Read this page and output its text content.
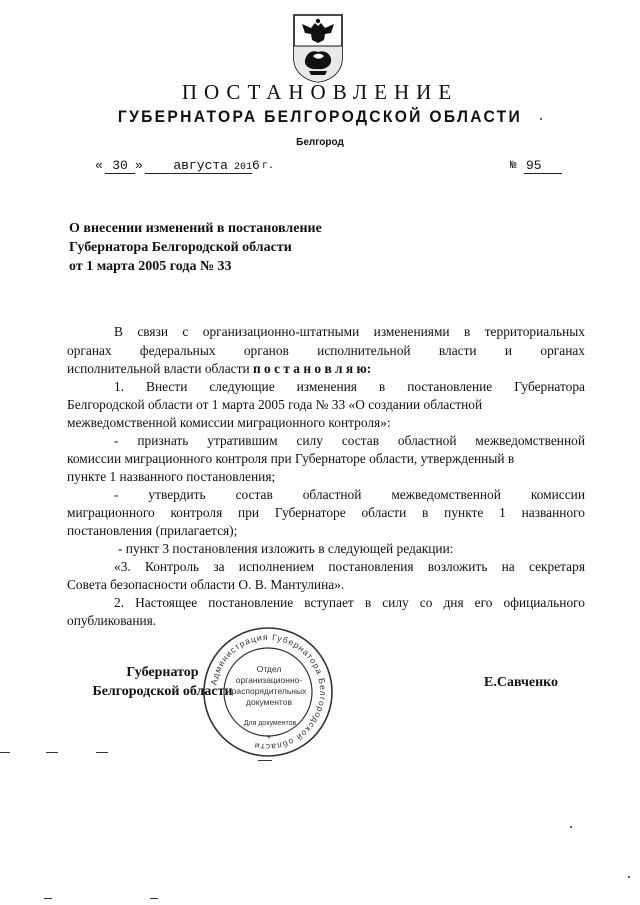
ПОСТАНОВЛЕНИЕ
ГУБЕРНАТОРА БЕЛГОРОДСКОЙ ОБЛАСТИ
Белгород
« 30 »	августа 201 6 г.	№ 95
О внесении изменений в постановление
Губернатора Белгородской области
от 1 марта 2005 года № 33
В связи с организационно-штатными изменениями в территориальных
органах федеральных органов исполнительной власти и органах
исполнительной власти области п о с т а н о в л я ю:
1. Внести следующие изменения в постановление Губернатора
Белгородской области от 1 марта 2005 года № 33 «О создании областной
межведомственной комиссии миграционного контроля»:
- признать утратившим силу состав областной межведомственной
комиссии миграционного контроля при Губернаторе области, утвержденный в
пункте 1 названного постановления;
- утвердить состав областной межведомственной комиссии
миграционного контроля при Губернаторе области в пункте 1 названного
постановления (прилагается);
- пункт 3 постановления изложить в следующей редакции:
«3. Контроль за исполнением постановления возложить на секретаря
Совета безопасности области О. В. Мантулина».
2. Настоящее постановление вступает в силу со дня его официального
опубликования.
Администрация Губернатора Белгородской области
Отдел
организационно-
распорядительных
документов
Для документов
*
Губернатор
Белгородской области
Е.Савченко
